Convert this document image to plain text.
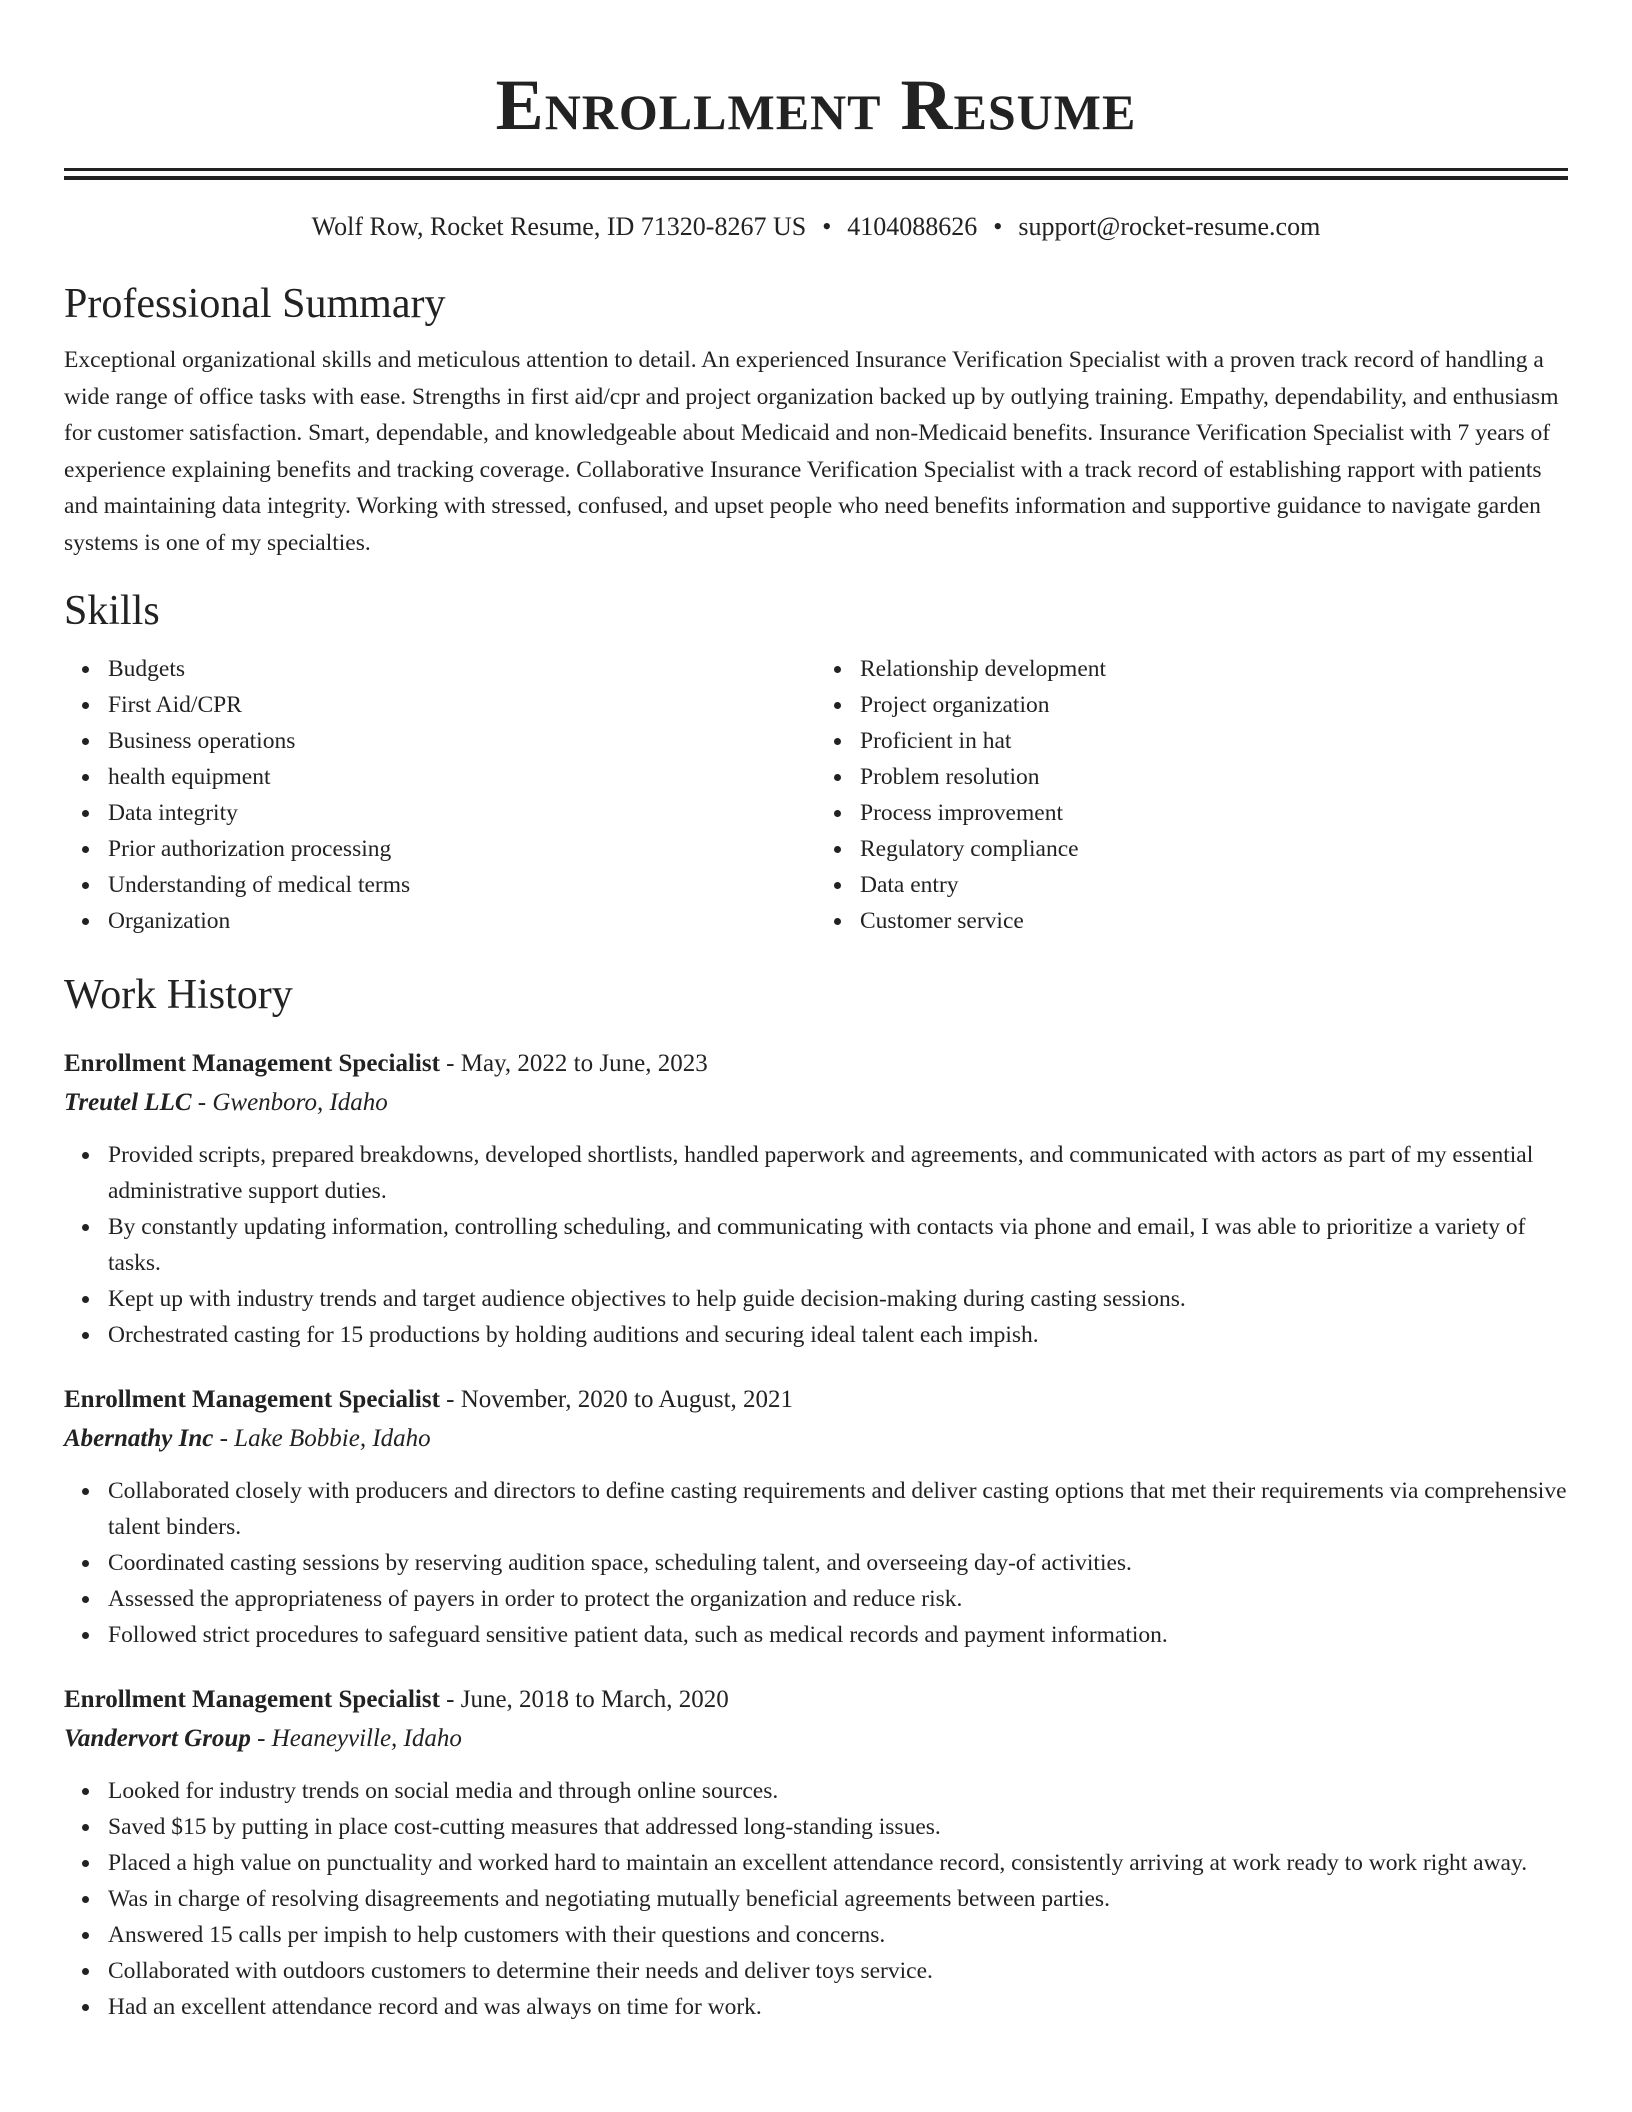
Enrollment Resume
Wolf Row, Rocket Resume, ID 71320-8267 US • 4104088626 • support@rocket-resume.com
Professional Summary

Exceptional organizational skills and meticulous attention to detail. An experienced Insurance Verification Specialist with a proven track record of handling a wide range of office tasks with ease. Strengths in first aid/cpr and project organization backed up by outlying training. Empathy, dependability, and enthusiasm for customer satisfaction. Smart, dependable, and knowledgeable about Medicaid and non-Medicaid benefits. Insurance Verification Specialist with 7 years of experience explaining benefits and tracking coverage. Collaborative Insurance Verification Specialist with a track record of establishing rapport with patients and maintaining data integrity. Working with stressed, confused, and upset people who need benefits information and supportive guidance to navigate garden systems is one of my specialties.

Skills
Budgets
First Aid/CPR
Business operations
health equipment
Data integrity
Prior authorization processing
Understanding of medical terms
Organization
Relationship development
Project organization
Proficient in hat
Problem resolution
Process improvement
Regulatory compliance
Data entry
Customer service
Work History
Enrollment Management Specialist - May, 2022 to June, 2023
Treutel LLC - Gwenboro, Idaho
Provided scripts, prepared breakdowns, developed shortlists, handled paperwork and agreements, and communicated with actors as part of my essential administrative support duties.
By constantly updating information, controlling scheduling, and communicating with contacts via phone and email, I was able to prioritize a variety of tasks.
Kept up with industry trends and target audience objectives to help guide decision-making during casting sessions.
Orchestrated casting for 15 productions by holding auditions and securing ideal talent each impish.
Enrollment Management Specialist - November, 2020 to August, 2021
Abernathy Inc - Lake Bobbie, Idaho
Collaborated closely with producers and directors to define casting requirements and deliver casting options that met their requirements via comprehensive talent binders.
Coordinated casting sessions by reserving audition space, scheduling talent, and overseeing day-of activities.
Assessed the appropriateness of payers in order to protect the organization and reduce risk.
Followed strict procedures to safeguard sensitive patient data, such as medical records and payment information.
Enrollment Management Specialist - June, 2018 to March, 2020
Vandervort Group - Heaneyville, Idaho
Looked for industry trends on social media and through online sources.
Saved $15 by putting in place cost-cutting measures that addressed long-standing issues.
Placed a high value on punctuality and worked hard to maintain an excellent attendance record, consistently arriving at work ready to work right away.
Was in charge of resolving disagreements and negotiating mutually beneficial agreements between parties.
Answered 15 calls per impish to help customers with their questions and concerns.
Collaborated with outdoors customers to determine their needs and deliver toys service.
Had an excellent attendance record and was always on time for work.
